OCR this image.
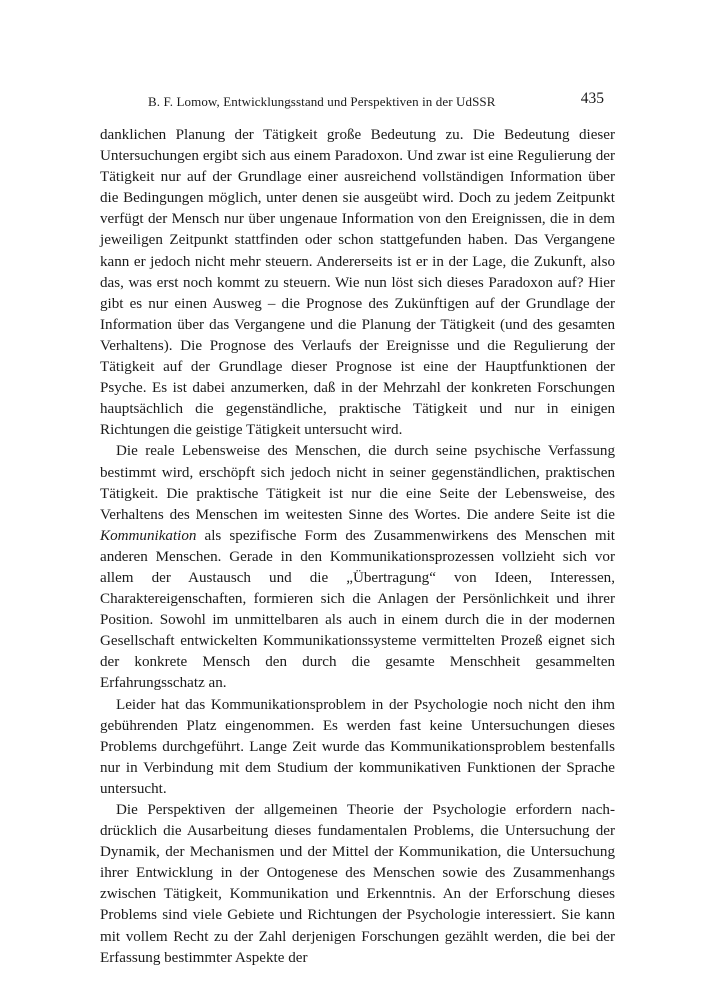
B. F. Lomow, Entwicklungsstand und Perspektiven in der UdSSR	435

danklichen Planung der Tätigkeit große Bedeutung zu. Die Bedeutung dieser Untersuchungen ergibt sich aus einem Paradoxon. Und zwar ist eine Regulierung der Tätigkeit nur auf der Grundlage einer ausreichend vollständigen Information über die Bedingungen möglich, unter denen sie ausgeübt wird. Doch zu jedem Zeitpunkt verfügt der Mensch nur über ungenaue Information von den Ereignissen, die in dem jeweiligen Zeitpunkt stattfinden oder schon stattgefunden haben. Das Vergangene kann er jedoch nicht mehr steuern. Andererseits ist er in der Lage, die Zukunft, also das, was erst noch kommt zu steuern. Wie nun löst sich dieses Paradoxon auf? Hier gibt es nur einen Ausweg – die Prognose des Zukünftigen auf der Grundlage der Information über das Vergangene und die Planung der Tätigkeit (und des gesamten Verhaltens). Die Prognose des Verlaufs der Ereignisse und die Regulierung der Tätigkeit auf der Grundlage dieser Prognose ist eine der Hauptfunktionen der Psyche. Es ist dabei anzumerken, daß in der Mehrzahl der konkreten Forschungen hauptsächlich die gegenständliche, praktische Tätigkeit und nur in einigen Richtungen die geistige Tätigkeit untersucht wird.

Die reale Lebensweise des Menschen, die durch seine psychische Verfassung bestimmt wird, erschöpft sich jedoch nicht in seiner gegenständlichen, praktischen Tätigkeit. Die praktische Tätigkeit ist nur die eine Seite der Lebensweise, des Verhaltens des Menschen im weitesten Sinne des Wortes. Die andere Seite ist die Kommunikation als spezifische Form des Zusammenwirkens des Menschen mit anderen Menschen. Gerade in den Kommunikationsprozessen vollzieht sich vor allem der Austausch und die „Übertragung“ von Ideen, Interessen, Charaktereigenschaften, formieren sich die Anlagen der Persönlichkeit und ihrer Position. Sowohl im unmittelbaren als auch in einem durch die in der modernen Gesellschaft entwickelten Kommunikationssysteme vermittelten Prozeß eignet sich der konkrete Mensch den durch die gesamte Menschheit gesammelten Erfahrungsschatz an.

Leider hat das Kommunikationsproblem in der Psychologie noch nicht den ihm gebührenden Platz eingenommen. Es werden fast keine Untersuchungen dieses Problems durchgeführt. Lange Zeit wurde das Kommunikationsproblem bestenfalls nur in Verbindung mit dem Studium der kommunikativen Funktionen der Sprache untersucht.

Die Perspektiven der allgemeinen Theorie der Psychologie erfordern nachdrücklich die Ausarbeitung dieses fundamentalen Problems, die Untersuchung der Dynamik, der Mechanismen und der Mittel der Kommunikation, die Untersuchung ihrer Entwicklung in der Ontogenese des Menschen sowie des Zusammenhangs zwischen Tätigkeit, Kommunikation und Erkenntnis. An der Erforschung dieses Problems sind viele Gebiete und Richtungen der Psychologie interessiert. Sie kann mit vollem Recht zu der Zahl derjenigen Forschungen gezählt werden, die bei der Erfassung bestimmter Aspekte der
